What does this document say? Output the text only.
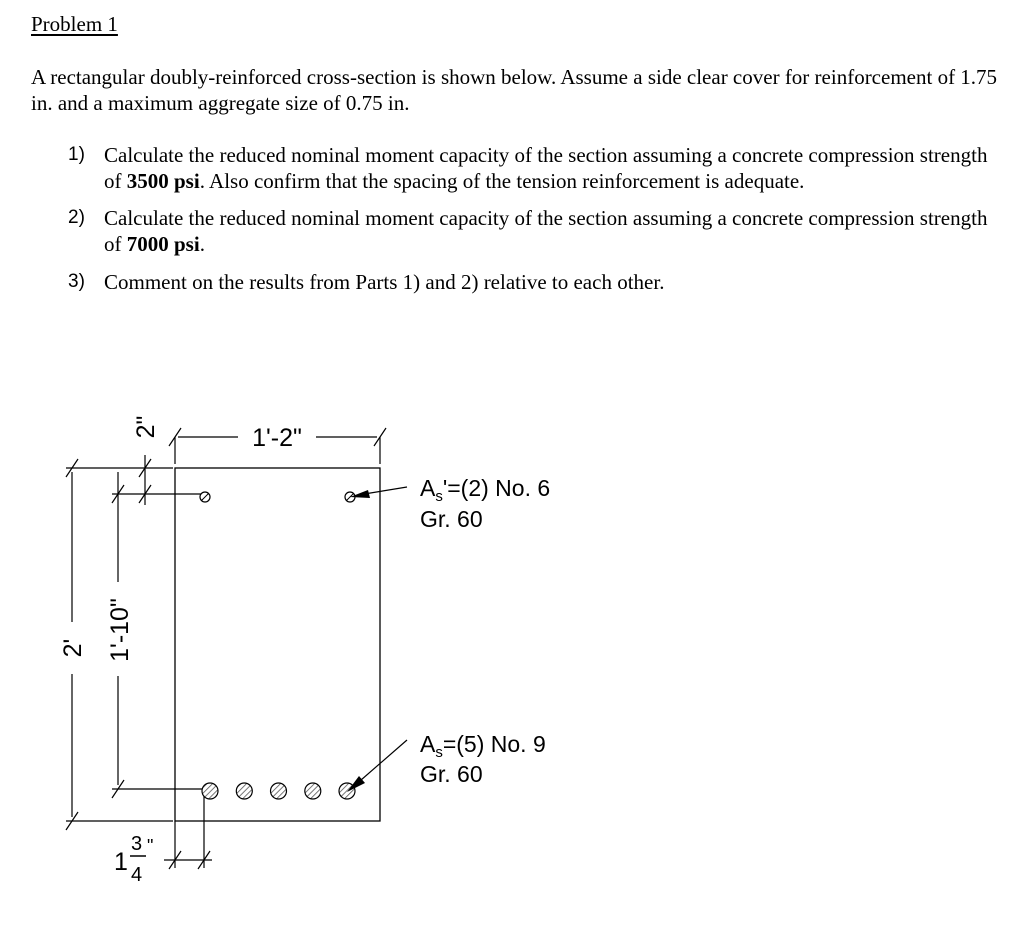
Problem 1

A rectangular doubly-reinforced cross-section is shown below. Assume a side clear cover for reinforcement of 1.75 in. and a maximum aggregate size of 0.75 in.

1) Calculate the reduced nominal moment capacity of the section assuming a concrete compression strength of 3500 psi. Also confirm that the spacing of the tension reinforcement is adequate.
2) Calculate the reduced nominal moment capacity of the section assuming a concrete compression strength of 7000 psi.
3) Comment on the results from Parts 1) and 2) relative to each other.
1'-2"
2' 1'-10"
2"
1
3
4
"
$A_s'=(2)$ No. 6
Gr. 60
$A_s=(5)$ No. 9
Gr. 60
